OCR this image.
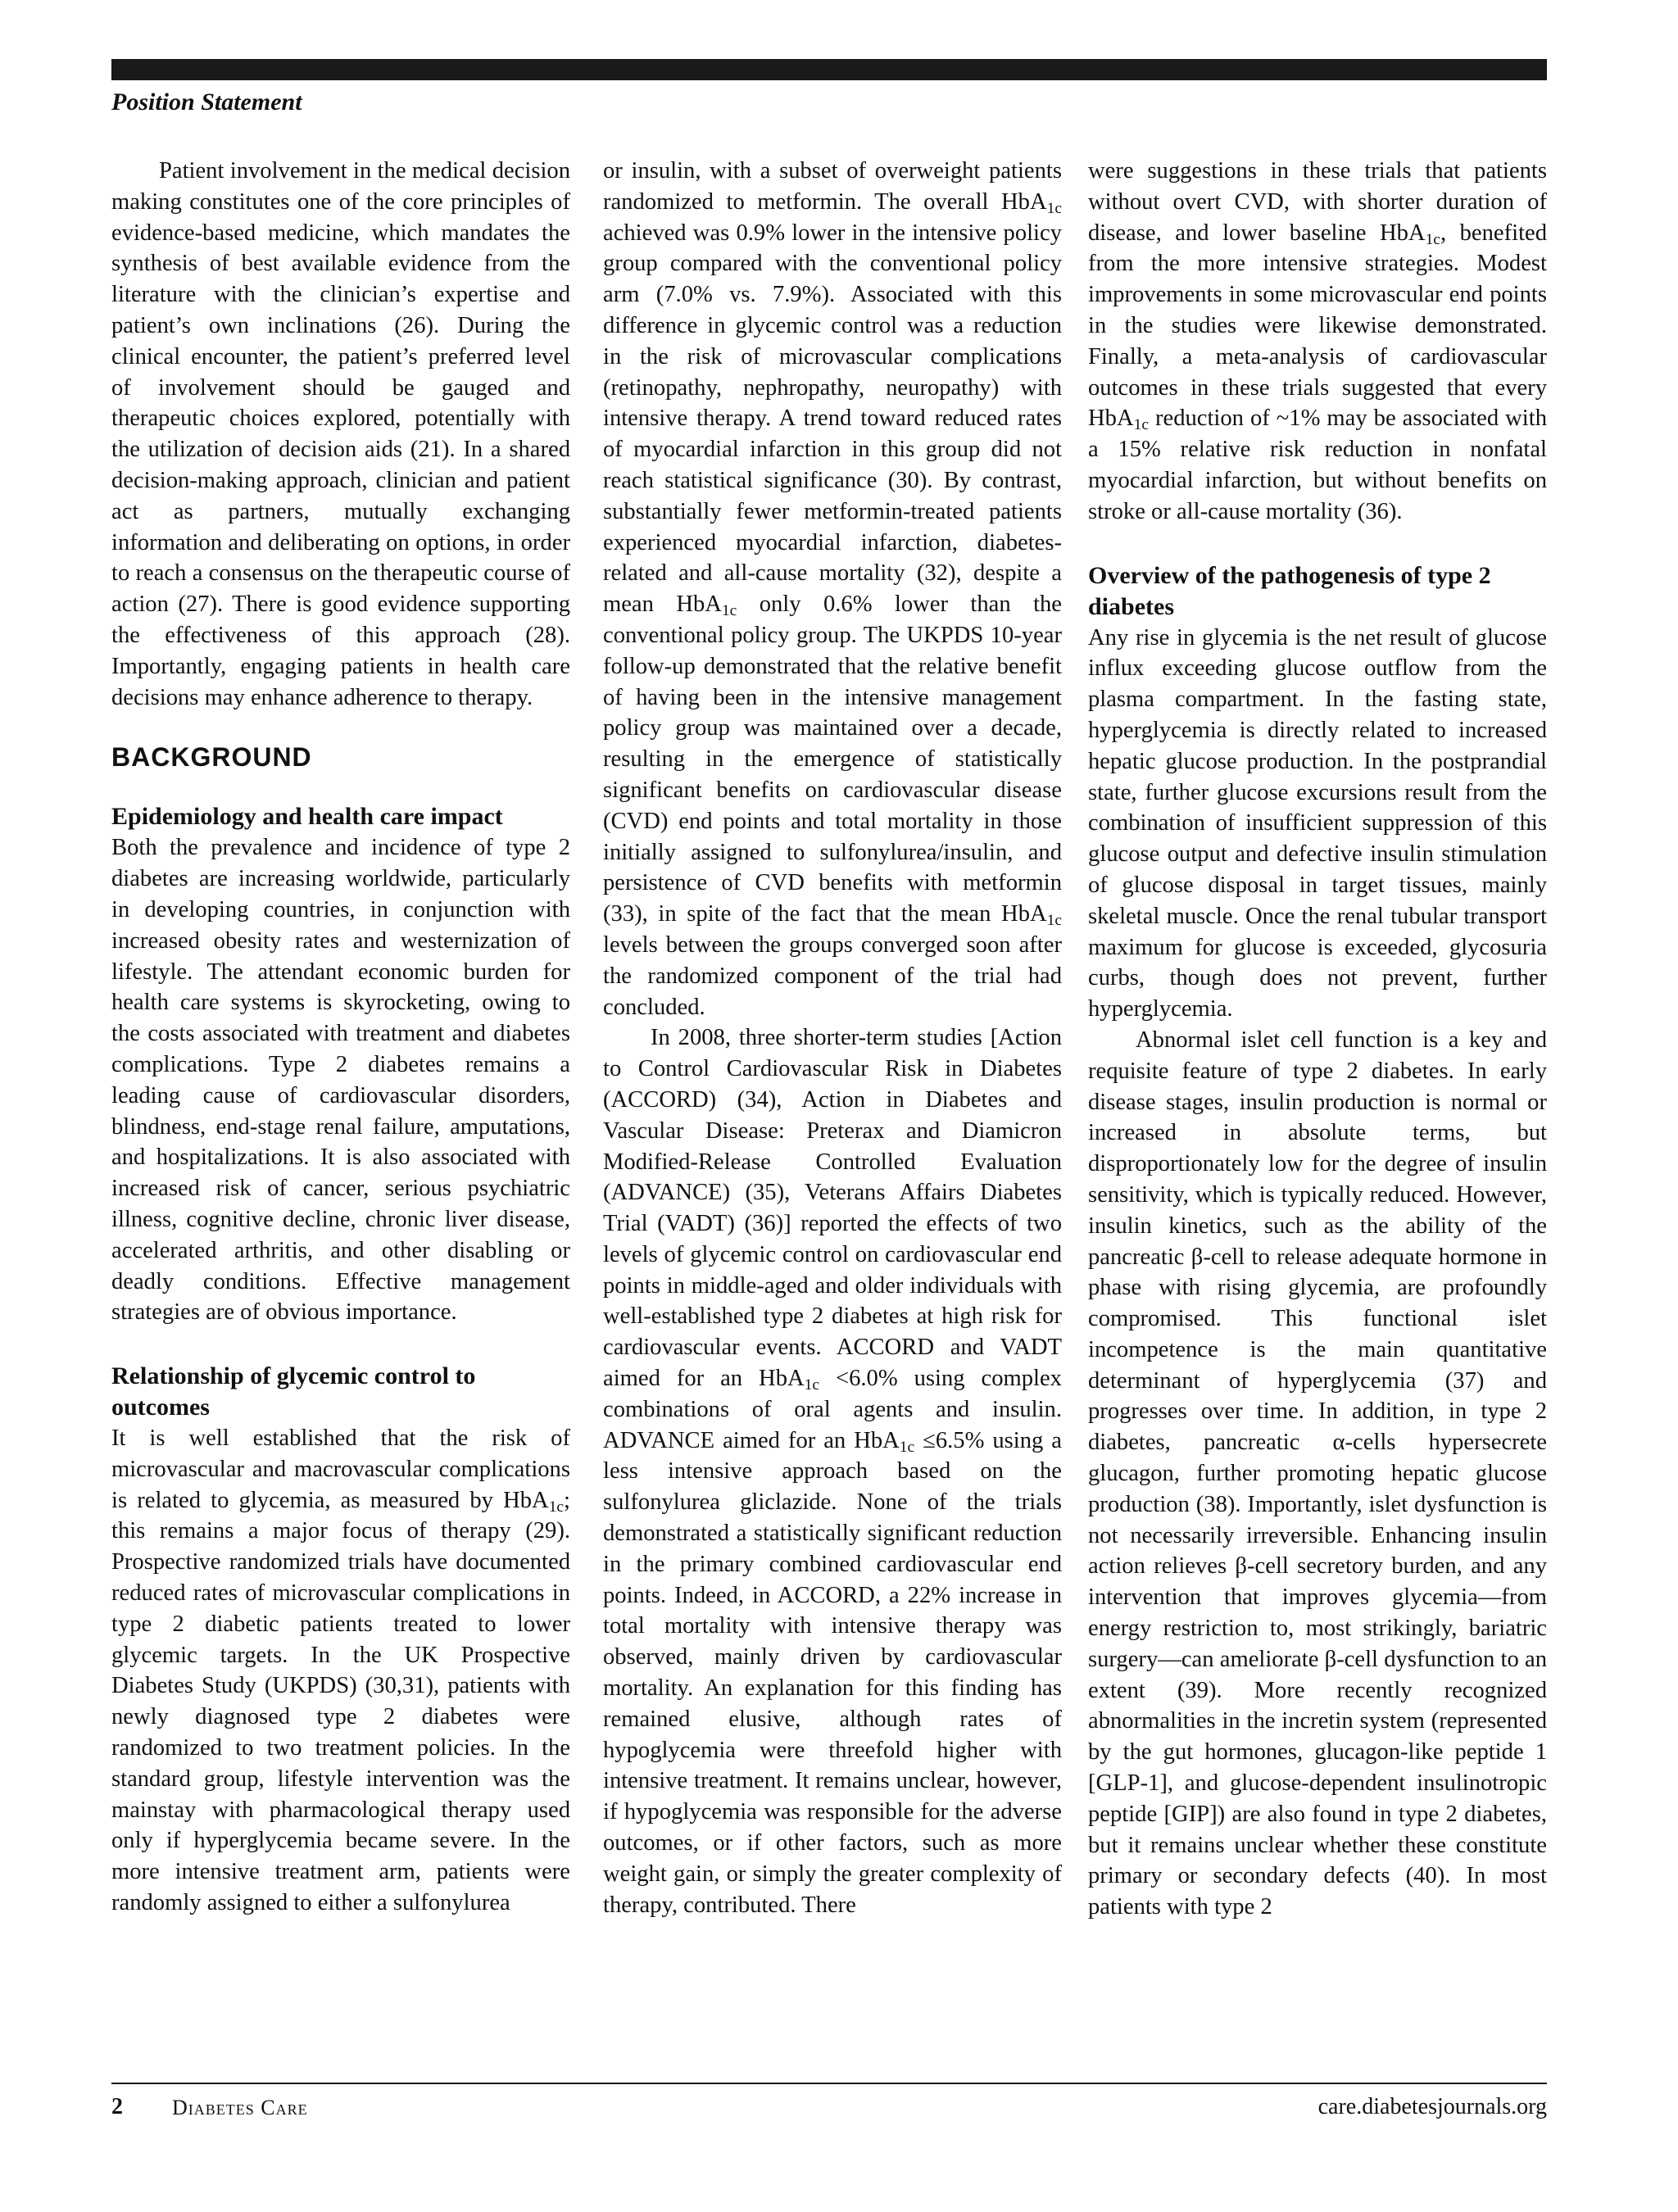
Position Statement

Patient involvement in the medical decision making constitutes one of the core principles of evidence-based medicine, which mandates the synthesis of best available evidence from the literature with the clinician’s expertise and patient’s own inclinations (26). During the clinical encounter, the patient’s preferred level of involvement should be gauged and therapeutic choices explored, potentially with the utilization of decision aids (21). In a shared decision-making approach, clinician and patient act as partners, mutually exchanging information and deliberating on options, in order to reach a consensus on the therapeutic course of action (27). There is good evidence supporting the effectiveness of this approach (28). Importantly, engaging patients in health care decisions may enhance adherence to therapy.

BACKGROUND
Epidemiology and health care impact

Both the prevalence and incidence of type 2 diabetes are increasing worldwide, particularly in developing countries, in conjunction with increased obesity rates and westernization of lifestyle. The attendant economic burden for health care systems is skyrocketing, owing to the costs associated with treatment and diabetes complications. Type 2 diabetes remains a leading cause of cardiovascular disorders, blindness, end-stage renal failure, amputations, and hospitalizations. It is also associated with increased risk of cancer, serious psychiatric illness, cognitive decline, chronic liver disease, accelerated arthritis, and other disabling or deadly conditions. Effective management strategies are of obvious importance.

Relationship of glycemic control to outcomes

It is well established that the risk of microvascular and macrovascular complications is related to glycemia, as measured by HbA$_{1c}$; this remains a major focus of therapy (29). Prospective randomized trials have documented reduced rates of microvascular complications in type 2 diabetic patients treated to lower glycemic targets. In the UK Prospective Diabetes Study (UKPDS) (30,31), patients with newly diagnosed type 2 diabetes were randomized to two treatment policies. In the standard group, lifestyle intervention was the mainstay with pharmacological therapy used only if hyperglycemia became severe. In the more intensive treatment arm, patients were randomly assigned to either a sulfonylurea

or insulin, with a subset of overweight patients randomized to metformin. The overall HbA$_{1c}$ achieved was 0.9% lower in the intensive policy group compared with the conventional policy arm (7.0% vs. 7.9%). Associated with this difference in glycemic control was a reduction in the risk of microvascular complications (retinopathy, nephropathy, neuropathy) with intensive therapy. A trend toward reduced rates of myocardial infarction in this group did not reach statistical significance (30). By contrast, substantially fewer metformin-treated patients experienced myocardial infarction, diabetes-related and all-cause mortality (32), despite a mean HbA$_{1c}$ only 0.6% lower than the conventional policy group. The UKPDS 10-year follow-up demonstrated that the relative benefit of having been in the intensive management policy group was maintained over a decade, resulting in the emergence of statistically significant benefits on cardiovascular disease (CVD) end points and total mortality in those initially assigned to sulfonylurea/insulin, and persistence of CVD benefits with metformin (33), in spite of the fact that the mean HbA$_{1c}$ levels between the groups converged soon after the randomized component of the trial had concluded.

In 2008, three shorter-term studies [Action to Control Cardiovascular Risk in Diabetes (ACCORD) (34), Action in Diabetes and Vascular Disease: Preterax and Diamicron Modified-Release Controlled Evaluation (ADVANCE) (35), Veterans Affairs Diabetes Trial (VADT) (36)] reported the effects of two levels of glycemic control on cardiovascular end points in middle-aged and older individuals with well-established type 2 diabetes at high risk for cardiovascular events. ACCORD and VADT aimed for an HbA$_{1c}$ <6.0% using complex combinations of oral agents and insulin. ADVANCE aimed for an HbA$_{1c}$ ≤6.5% using a less intensive approach based on the sulfonylurea gliclazide. None of the trials demonstrated a statistically significant reduction in the primary combined cardiovascular end points. Indeed, in ACCORD, a 22% increase in total mortality with intensive therapy was observed, mainly driven by cardiovascular mortality. An explanation for this finding has remained elusive, although rates of hypoglycemia were threefold higher with intensive treatment. It remains unclear, however, if hypoglycemia was responsible for the adverse outcomes, or if other factors, such as more weight gain, or simply the greater complexity of therapy, contributed. There

were suggestions in these trials that patients without overt CVD, with shorter duration of disease, and lower baseline HbA$_{1c}$, benefited from the more intensive strategies. Modest improvements in some microvascular end points in the studies were likewise demonstrated. Finally, a meta-analysis of cardiovascular outcomes in these trials suggested that every HbA$_{1c}$ reduction of ~1% may be associated with a 15% relative risk reduction in nonfatal myocardial infarction, but without benefits on stroke or all-cause mortality (36).

Overview of the pathogenesis of type 2 diabetes

Any rise in glycemia is the net result of glucose influx exceeding glucose outflow from the plasma compartment. In the fasting state, hyperglycemia is directly related to increased hepatic glucose production. In the postprandial state, further glucose excursions result from the combination of insufficient suppression of this glucose output and defective insulin stimulation of glucose disposal in target tissues, mainly skeletal muscle. Once the renal tubular transport maximum for glucose is exceeded, glycosuria curbs, though does not prevent, further hyperglycemia.

Abnormal islet cell function is a key and requisite feature of type 2 diabetes. In early disease stages, insulin production is normal or increased in absolute terms, but disproportionately low for the degree of insulin sensitivity, which is typically reduced. However, insulin kinetics, such as the ability of the pancreatic β-cell to release adequate hormone in phase with rising glycemia, are profoundly compromised. This functional islet incompetence is the main quantitative determinant of hyperglycemia (37) and progresses over time. In addition, in type 2 diabetes, pancreatic α-cells hypersecrete glucagon, further promoting hepatic glucose production (38). Importantly, islet dysfunction is not necessarily irreversible. Enhancing insulin action relieves β-cell secretory burden, and any intervention that improves glycemia—from energy restriction to, most strikingly, bariatric surgery—can ameliorate β-cell dysfunction to an extent (39). More recently recognized abnormalities in the incretin system (represented by the gut hormones, glucagon-like peptide 1 [GLP-1], and glucose-dependent insulinotropic peptide [GIP]) are also found in type 2 diabetes, but it remains unclear whether these constitute primary or secondary defects (40). In most patients with type 2

2 Diabetes Care	care.diabetesjournals.org
